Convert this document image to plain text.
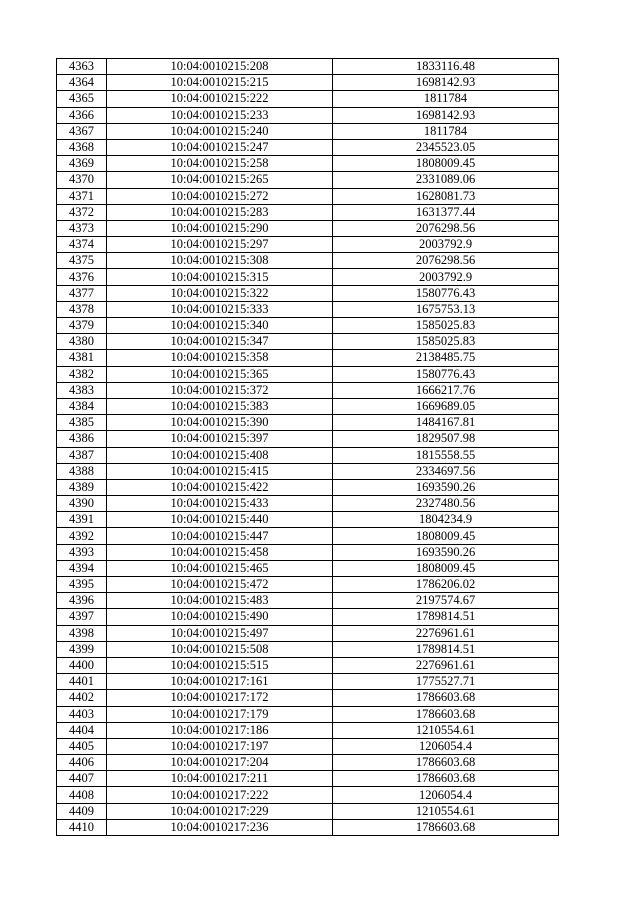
4363	10:04:0010215:208	1833116.48
4364	10:04:0010215:215	1698142.93
4365	10:04:0010215:222	1811784
4366	10:04:0010215:233	1698142.93
4367	10:04:0010215:240	1811784
4368	10:04:0010215:247	2345523.05
4369	10:04:0010215:258	1808009.45
4370	10:04:0010215:265	2331089.06
4371	10:04:0010215:272	1628081.73
4372	10:04:0010215:283	1631377.44
4373	10:04:0010215:290	2076298.56
4374	10:04:0010215:297	2003792.9
4375	10:04:0010215:308	2076298.56
4376	10:04:0010215:315	2003792.9
4377	10:04:0010215:322	1580776.43
4378	10:04:0010215:333	1675753.13
4379	10:04:0010215:340	1585025.83
4380	10:04:0010215:347	1585025.83
4381	10:04:0010215:358	2138485.75
4382	10:04:0010215:365	1580776.43
4383	10:04:0010215:372	1666217.76
4384	10:04:0010215:383	1669689.05
4385	10:04:0010215:390	1484167.81
4386	10:04:0010215:397	1829507.98
4387	10:04:0010215:408	1815558.55
4388	10:04:0010215:415	2334697.56
4389	10:04:0010215:422	1693590.26
4390	10:04:0010215:433	2327480.56
4391	10:04:0010215:440	1804234.9
4392	10:04:0010215:447	1808009.45
4393	10:04:0010215:458	1693590.26
4394	10:04:0010215:465	1808009.45
4395	10:04:0010215:472	1786206.02
4396	10:04:0010215:483	2197574.67
4397	10:04:0010215:490	1789814.51
4398	10:04:0010215:497	2276961.61
4399	10:04:0010215:508	1789814.51
4400	10:04:0010215:515	2276961.61
4401	10:04:0010217:161	1775527.71
4402	10:04:0010217:172	1786603.68
4403	10:04:0010217:179	1786603.68
4404	10:04:0010217:186	1210554.61
4405	10:04:0010217:197	1206054.4
4406	10:04:0010217:204	1786603.68
4407	10:04:0010217:211	1786603.68
4408	10:04:0010217:222	1206054.4
4409	10:04:0010217:229	1210554.61
4410	10:04:0010217:236	1786603.68
